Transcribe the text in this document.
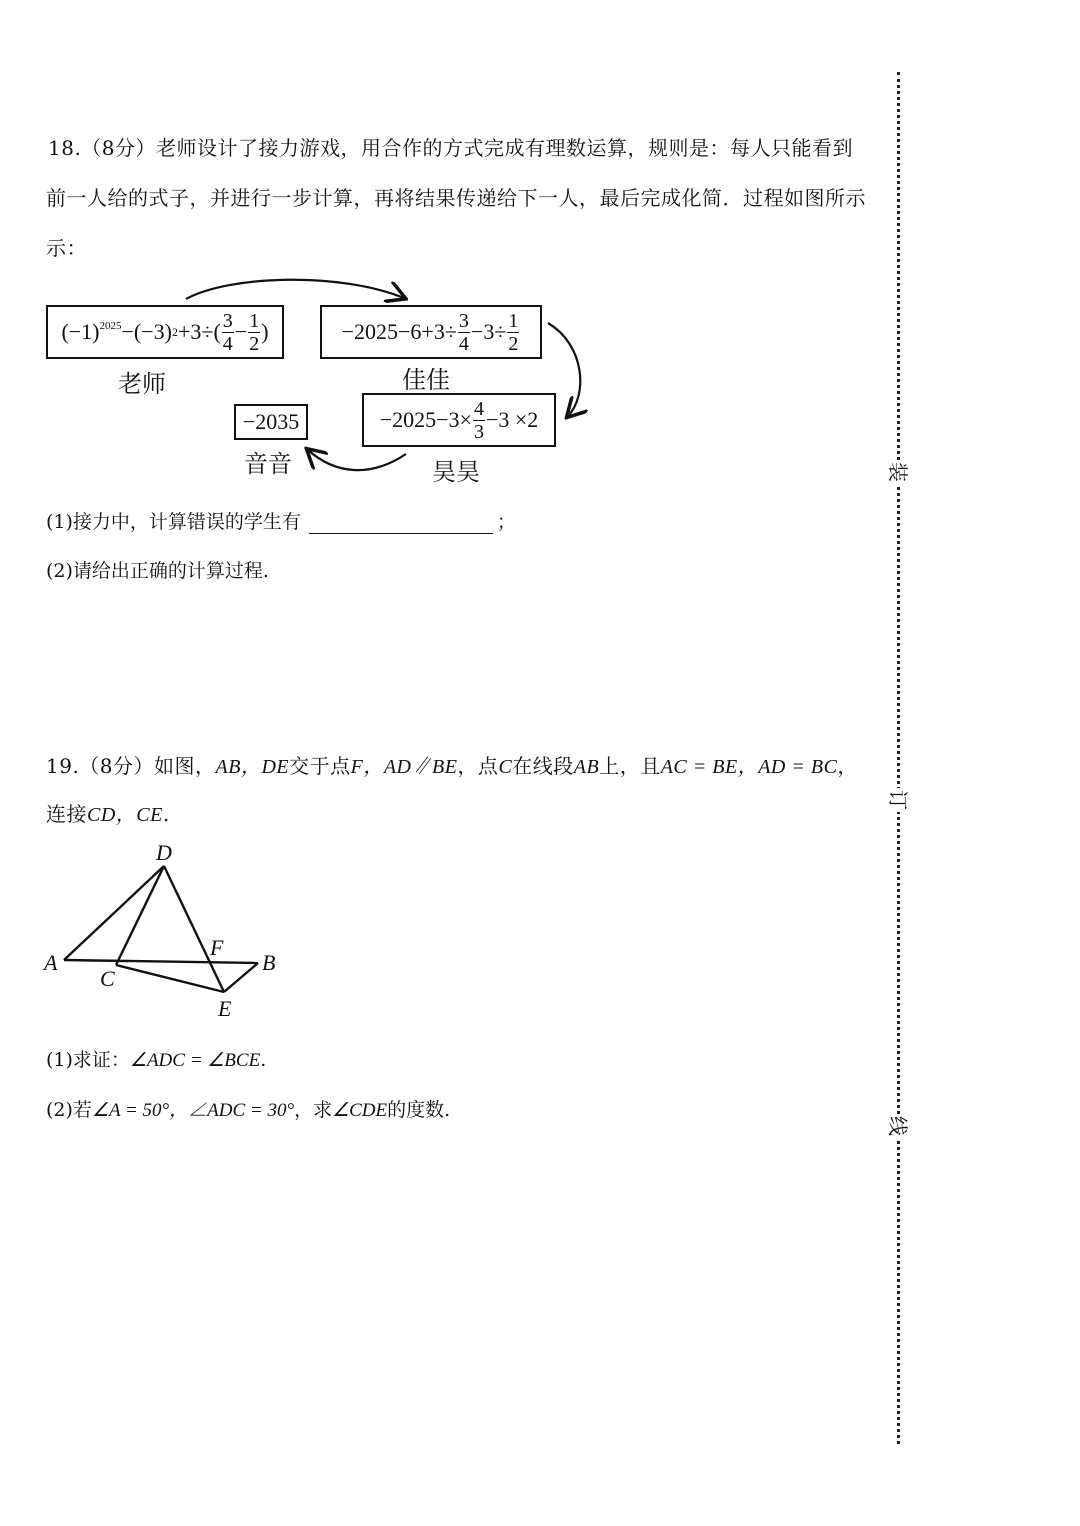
18.（8分）老师设计了接力游戏，用合作的方式完成有理数运算，规则是：每人只能看到
前一人给的式子，并进行一步计算，再将结果传递给下一人，最后完成化简．过程如图所示
示：
$(-1)^{2025} -(-3)$ $2 +3\div( \frac{3}{4} - \frac{1}{2}$ )
老师
$-2025-6+3\div \frac{3}{4} -3\div \frac{1}{2}$
佳佳
$-2025-3\times \frac{4}{3} -3 \times 2$
昊昊
−2035
音音
(1)接力中，计算错误的学生有	；
(2)请给出正确的计算过程.
19.（8分）如图，AB，DE交于点F，AD∥BE，点C在线段AB上，且AC = BE，AD = BC，
连接CD，CE.
D
A
C
F
B
E
(1)求证：∠ADC = ∠BCE.
(2)若∠A = 50°，∠ADC = 30°，求∠CDE的度数.
装
订
线
